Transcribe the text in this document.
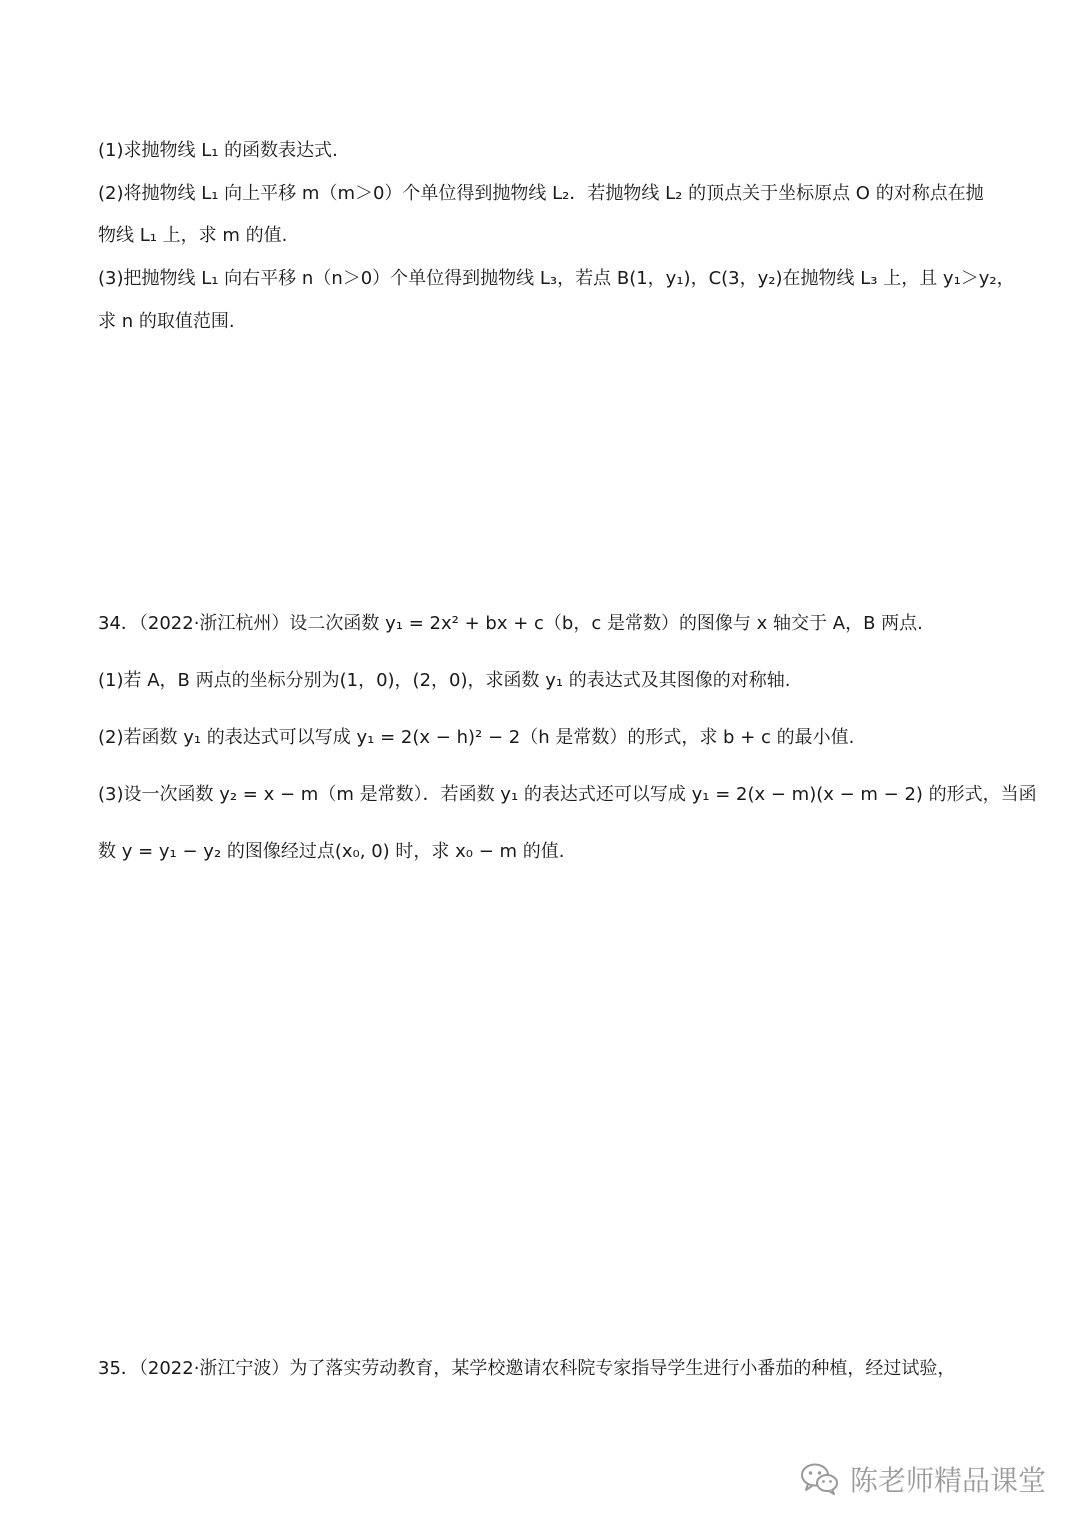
(1)求抛物线 L₁ 的函数表达式.
(2)将抛物线 L₁ 向上平移 m（m＞0）个单位得到抛物线 L₂．若抛物线 L₂ 的顶点关于坐标原点 O 的对称点在抛
物线 L₁ 上，求 m 的值.
(3)把抛物线 L₁ 向右平移 n（n＞0）个单位得到抛物线 L₃，若点 B(1，y₁)，C(3，y₂)在抛物线 L₃ 上，且 y₁＞y₂，
求 n 的取值范围.
34．（2022·浙江杭州）设二次函数 y₁ = 2x² + bx + c（b，c 是常数）的图像与 x 轴交于 A，B 两点.
(1)若 A，B 两点的坐标分别为(1，0)，(2，0)，求函数 y₁ 的表达式及其图像的对称轴.
(2)若函数 y₁ 的表达式可以写成 y₁ = 2(x − h)² − 2（h 是常数）的形式，求 b + c 的最小值.
(3)设一次函数 y₂ = x − m（m 是常数）．若函数 y₁ 的表达式还可以写成 y₁ = 2(x − m)(x − m − 2) 的形式，当函
数 y = y₁ − y₂ 的图像经过点(x₀, 0) 时，求 x₀ − m 的值.
35．（2022·浙江宁波）为了落实劳动教育，某学校邀请农科院专家指导学生进行小番茄的种植，经过试验，
陈老师精品课堂
